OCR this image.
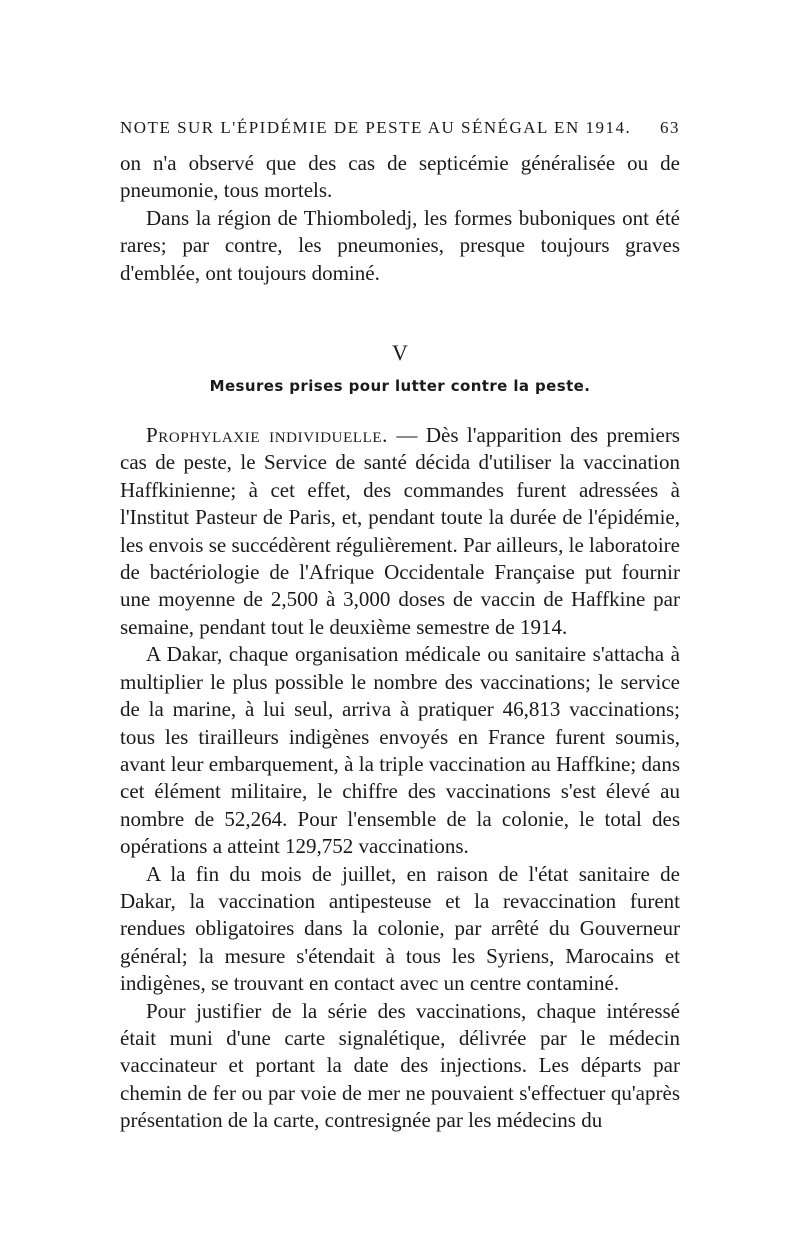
NOTE SUR L'ÉPIDÉMIE DE PESTE AU SÉNÉGAL EN 1914. 63

on n'a observé que des cas de septicémie généralisée ou de pneumonie, tous mortels.

Dans la région de Thiomboledj, les formes buboniques ont été rares; par contre, les pneumonies, presque toujours graves d'emblée, ont toujours dominé.

V
Mesures prises pour lutter contre la peste.

Prophylaxie individuelle. — Dès l'apparition des premiers cas de peste, le Service de santé décida d'utiliser la vaccination Haffkinienne; à cet effet, des commandes furent adressées à l'Institut Pasteur de Paris, et, pendant toute la durée de l'épidémie, les envois se succédèrent régulièrement. Par ailleurs, le laboratoire de bactériologie de l'Afrique Occidentale Française put fournir une moyenne de 2,500 à 3,000 doses de vaccin de Haffkine par semaine, pendant tout le deuxième semestre de 1914.

A Dakar, chaque organisation médicale ou sanitaire s'attacha à multiplier le plus possible le nombre des vaccinations; le service de la marine, à lui seul, arriva à pratiquer 46,813 vaccinations; tous les tirailleurs indigènes envoyés en France furent soumis, avant leur embarquement, à la triple vaccination au Haffkine; dans cet élément militaire, le chiffre des vaccinations s'est élevé au nombre de 52,264. Pour l'ensemble de la colonie, le total des opérations a atteint 129,752 vaccinations.

A la fin du mois de juillet, en raison de l'état sanitaire de Dakar, la vaccination antipesteuse et la revaccination furent rendues obligatoires dans la colonie, par arrêté du Gouverneur général; la mesure s'étendait à tous les Syriens, Marocains et indigènes, se trouvant en contact avec un centre contaminé.

Pour justifier de la série des vaccinations, chaque intéressé était muni d'une carte signalétique, délivrée par le médecin vaccinateur et portant la date des injections. Les départs par chemin de fer ou par voie de mer ne pouvaient s'effectuer qu'après présentation de la carte, contresignée par les médecins du
